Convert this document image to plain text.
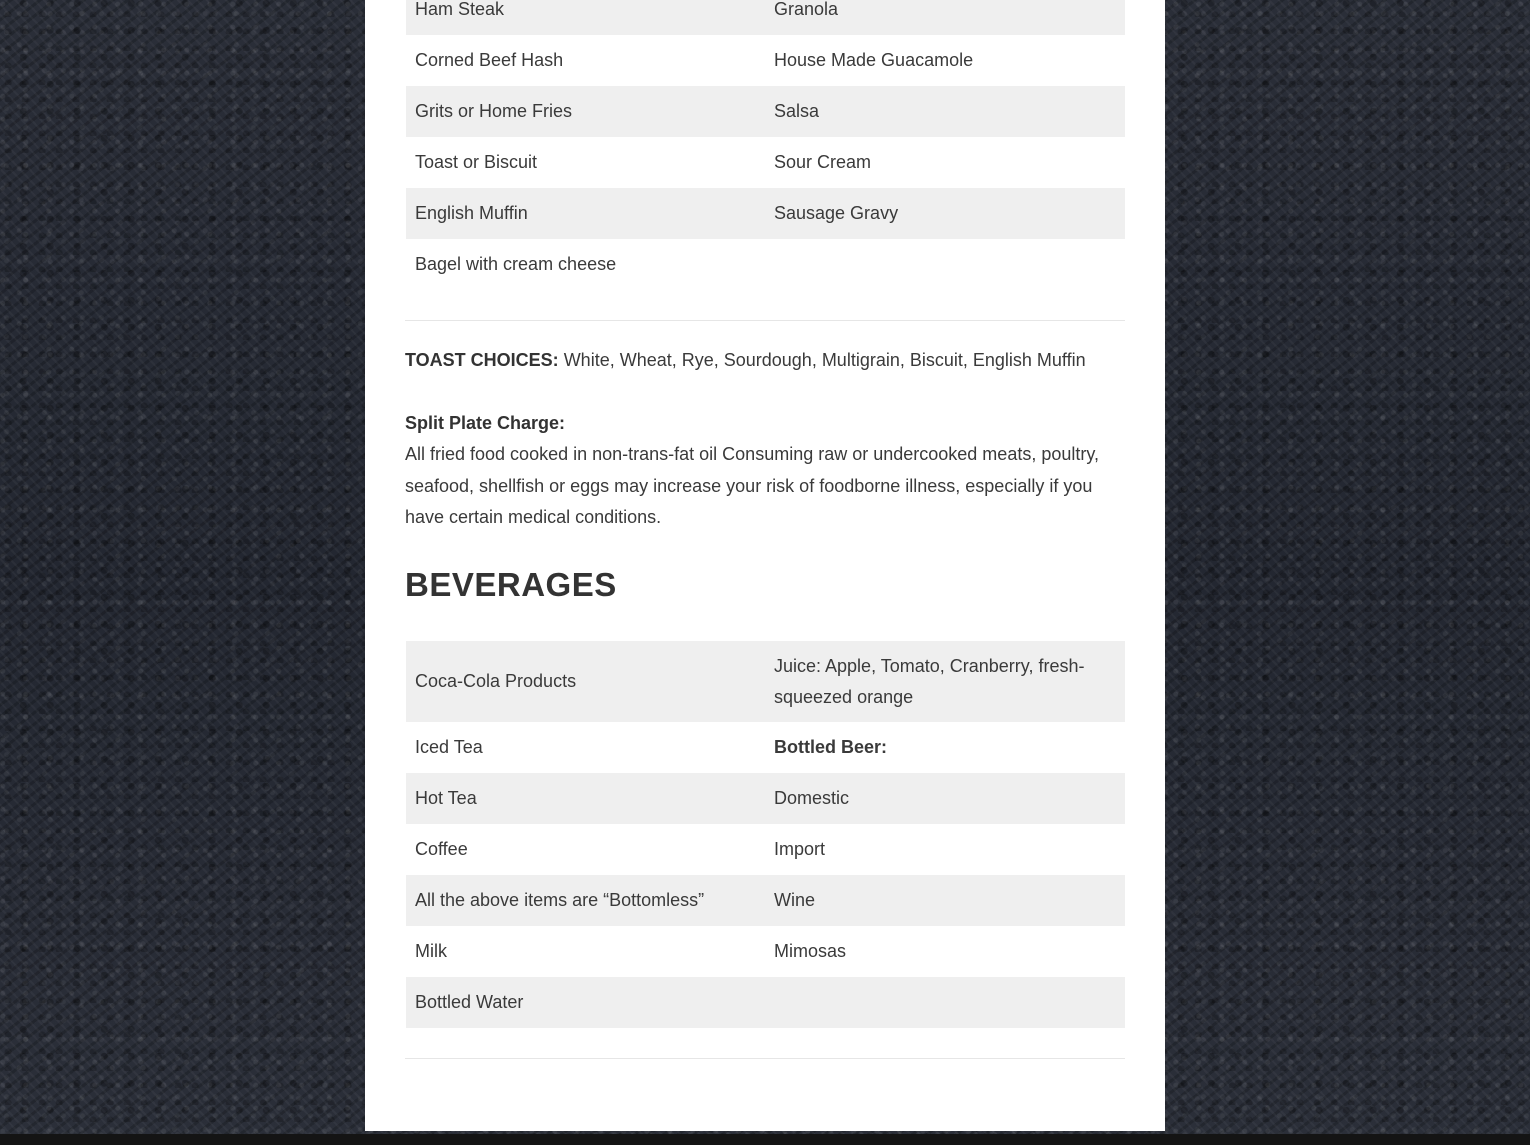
Ham Steak	Granola
Corned Beef Hash	House Made Guacamole
Grits or Home Fries	Salsa
Toast or Biscuit	Sour Cream
English Muffin	Sausage Gravy
Bagel with cream cheese	

TOAST CHOICES: White, Wheat, Rye, Sourdough, Multigrain, Biscuit, English Muffin

Split Plate Charge:

All fried food cooked in non-trans-fat oil Consuming raw or undercooked meats, poultry, seafood, shellfish or eggs may increase your risk of foodborne illness, especially if you have certain medical conditions.

BEVERAGES
Coca-Cola Products	Juice: Apple, Tomato, Cranberry, fresh-squeezed orange
Iced Tea	Bottled Beer:
Hot Tea	Domestic
Coffee	Import
All the above items are “Bottomless”	Wine
Milk	Mimosas
Bottled Water	
